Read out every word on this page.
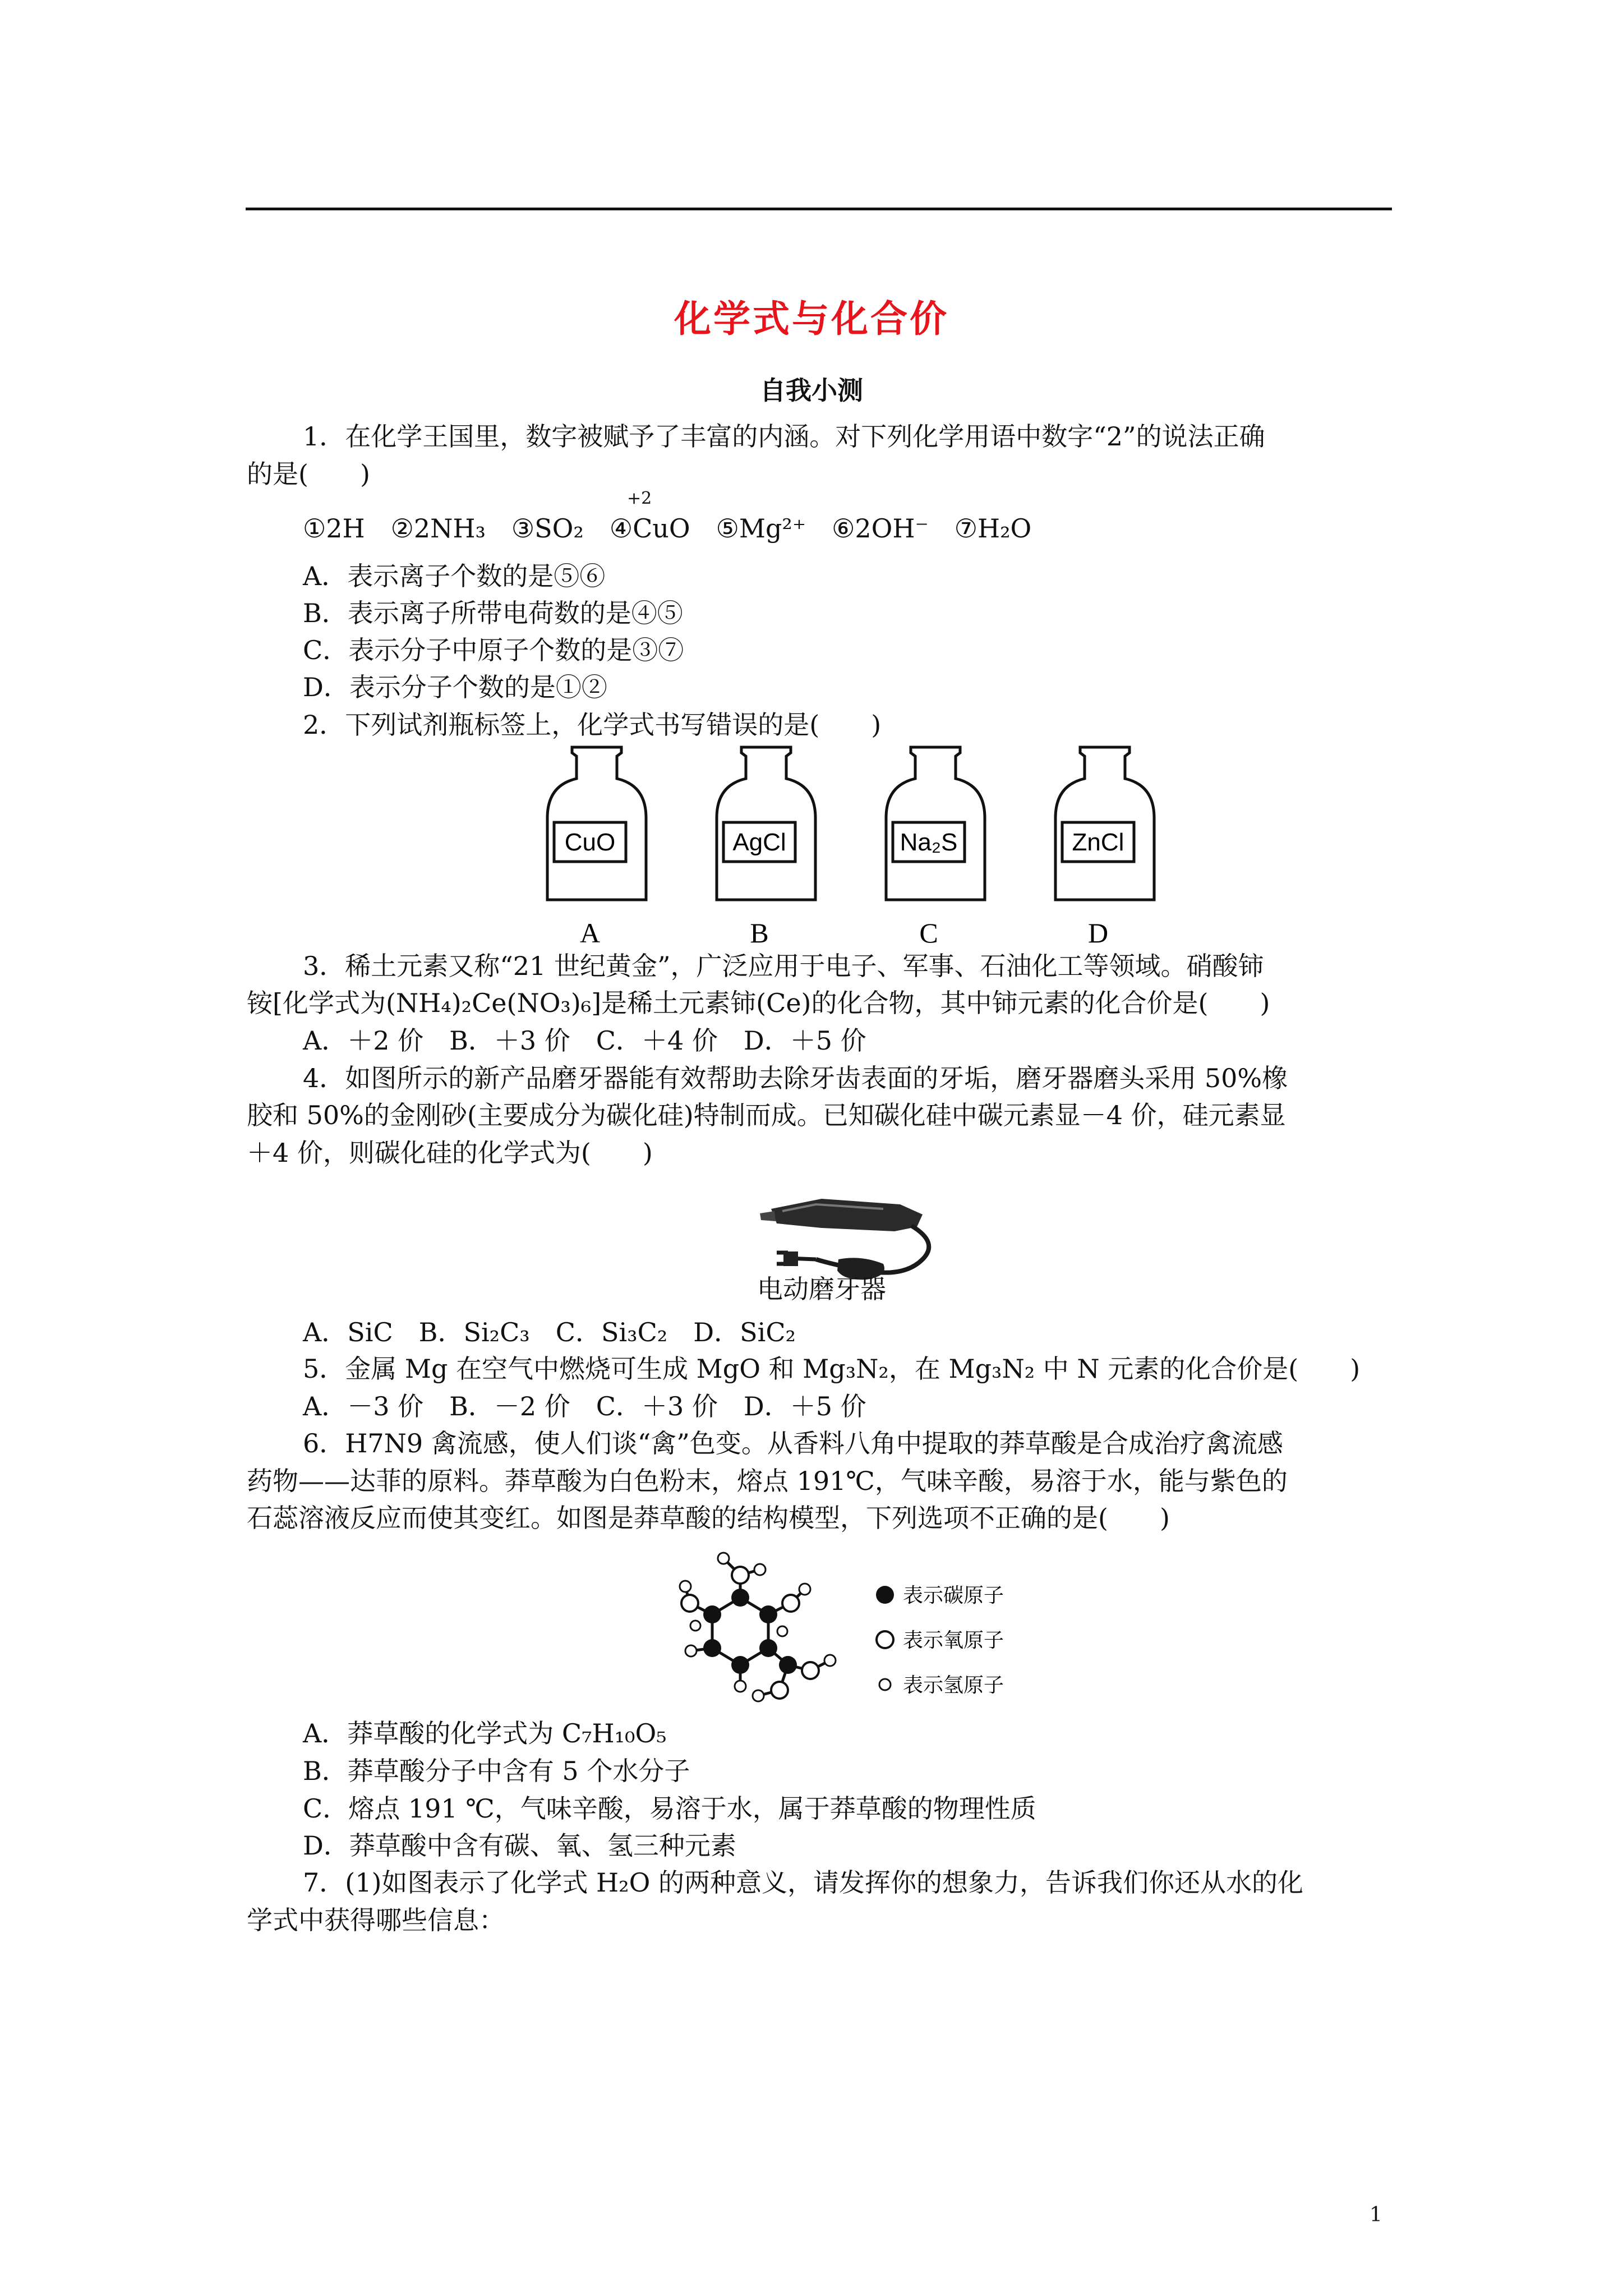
化学式与化合价
自我小测
1．在化学王国里，数字被赋予了丰富的内涵。对下列化学用语中数字“2”的说法正确
的是(　　)
+2
①2H　②2NH₃　③SO₂　④CuO　⑤Mg²⁺　⑥2OH⁻　⑦H₂O
A．表示离子个数的是⑤⑥
B．表示离子所带电荷数的是④⑤
C．表示分子中原子个数的是③⑦
D．表示分子个数的是①②
2．下列试剂瓶标签上，化学式书写错误的是(　　)
CuO	AgCl	Na₂S	ZnCl
A	B	C	D
3．稀土元素又称“21 世纪黄金”，广泛应用于电子、军事、石油化工等领域。硝酸铈
铵[化学式为(NH₄)₂Ce(NO₃)₆]是稀土元素铈(Ce)的化合物，其中铈元素的化合价是(　　)
A．＋2 价　B．＋3 价　C．＋4 价　D．＋5 价
4．如图所示的新产品磨牙器能有效帮助去除牙齿表面的牙垢，磨牙器磨头采用 50%橡
胶和 50%的金刚砂(主要成分为碳化硅)特制而成。已知碳化硅中碳元素显－4 价，硅元素显
＋4 价，则碳化硅的化学式为(　　)
电动磨牙器
A．SiC　B．Si₂C₃　C．Si₃C₂　D．SiC₂
5．金属 Mg 在空气中燃烧可生成 MgO 和 Mg₃N₂，在 Mg₃N₂ 中 N 元素的化合价是(　　)
A．－3 价　B．－2 价　C．＋3 价　D．＋5 价
6．H7N9 禽流感，使人们谈“禽”色变。从香料八角中提取的莽草酸是合成治疗禽流感
药物——达菲的原料。莽草酸为白色粉末，熔点 191℃，气味辛酸，易溶于水，能与紫色的
石蕊溶液反应而使其变红。如图是莽草酸的结构模型，下列选项不正确的是(　　)
表示碳原子
表示氧原子
表示氢原子
A．莽草酸的化学式为 C₇H₁₀O₅
B．莽草酸分子中含有 5 个水分子
C．熔点 191 ℃，气味辛酸，易溶于水，属于莽草酸的物理性质
D．莽草酸中含有碳、氧、氢三种元素
7．(1)如图表示了化学式 H₂O 的两种意义，请发挥你的想象力，告诉我们你还从水的化
学式中获得哪些信息：
1
